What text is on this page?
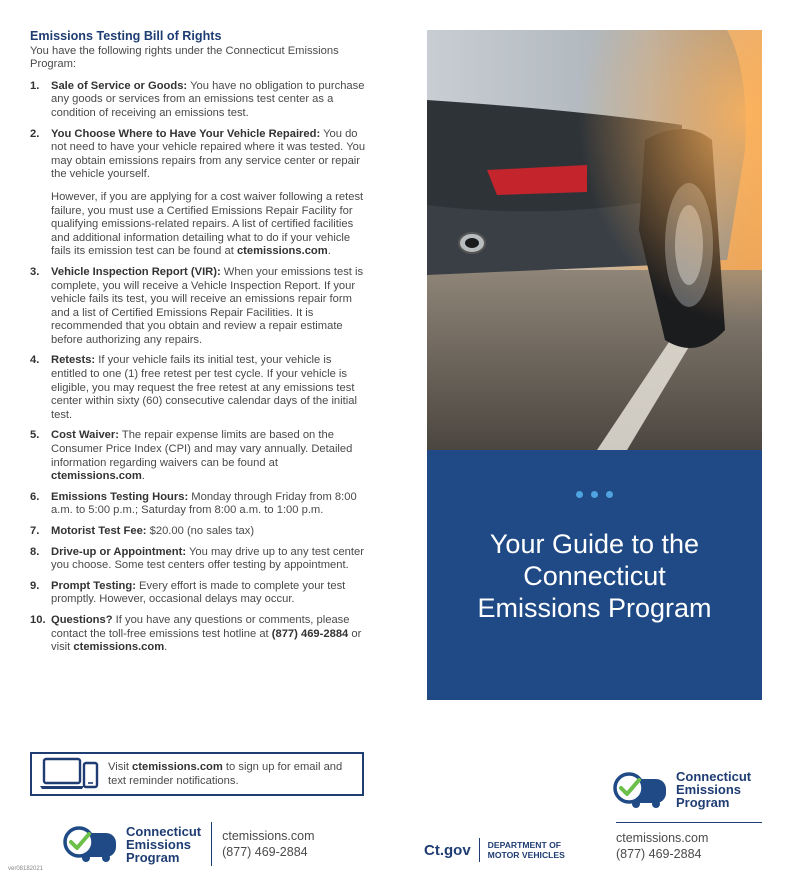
Emissions Testing Bill of Rights
You have the following rights under the Connecticut Emissions Program:
1.	Sale of Service or Goods: You have no obligation to purchase any goods or services from an emissions test center as a condition of receiving an emissions test.
2.	You Choose Where to Have Your Vehicle Repaired: You do not need to have your vehicle repaired where it was tested. You may obtain emissions repairs from any service center or repair the vehicle yourself.
However, if you are applying for a cost waiver following a retest failure, you must use a Certified Emissions Repair Facility for qualifying emissions-related repairs. A list of certified facilities and additional information detailing what to do if your vehicle fails its emission test can be found at ctemissions.com.
3.	Vehicle Inspection Report (VIR): When your emissions test is complete, you will receive a Vehicle Inspection Report. If your vehicle fails its test, you will receive an emissions repair form and a list of Certified Emissions Repair Facilities. It is recommended that you obtain and review a repair estimate before authorizing any repairs.
4.	Retests: If your vehicle fails its initial test, your vehicle is entitled to one (1) free retest per test cycle. If your vehicle is eligible, you may request the free retest at any emissions test center within sixty (60) consecutive calendar days of the initial test.
5.	Cost Waiver: The repair expense limits are based on the Consumer Price Index (CPI) and may vary annually. Detailed information regarding waivers can be found at ctemissions.com.
6.	Emissions Testing Hours: Monday through Friday from 8:00 a.m. to 5:00 p.m.; Saturday from 8:00 a.m. to 1:00 p.m.
7.	Motorist Test Fee: $20.00 (no sales tax)
8.	Drive-up or Appointment: You may drive up to any test center you choose. Some test centers offer testing by appointment.
9.	Prompt Testing: Every effort is made to complete your test promptly. However, occasional delays may occur.
10. Questions? If you have any questions or comments, please contact the toll-free emissions test hotline at (877) 469-2884 or visit ctemissions.com.
Visit ctemissions.com to sign up for email and text reminder notifications.
Connecticut
Emissions
Program
ctemissions.com
(877) 469-2884
ver08182021
Ct.gov DEPARTMENT OF
MOTOR VEHICLES
Your Guide to the
Connecticut
Emissions Program
Connecticut
Emissions
Program
ctemissions.com
(877) 469-2884
